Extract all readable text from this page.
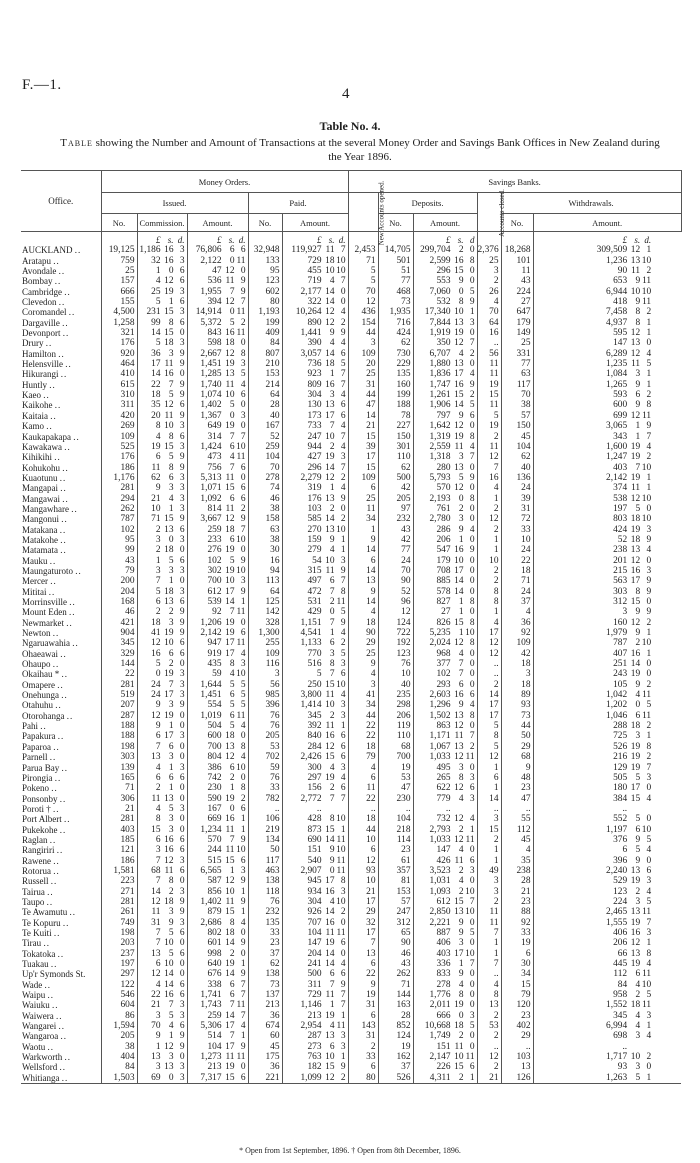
F.—1.
4
Table No. 4.
Table showing the Number and Amount of Transactions at the several Money Order and Savings Bank Offices in New Zealand during the Year 1896.
Office.	Money Orders.					Savings Banks.					
	Issued.			Paid.		New Accounts opened.	Deposits.		Accounts closed.	Withdrawals.	
	No.	Commission.	Amount.	No.	Amount.		No.	Amount.		No.	Amount.
		£ s. d.	£ s. d.		£ s. d.			£ s. d			£ s. d.
AUCKLAND ..	19,125	1,186 16 3	76,806 6 6	32,948	119,927 11 7	2,453	14,705	299,704 2 0	2,376	18,268	309,509 12 1
Aratapu ..	759	32 16 3	2,122 0 11	133	729 18 10	71	501	2,599 16 8	25	101	1,236 13 10
Avondale ..	25	1 0 6	47 12 0	95	455 10 10	5	51	296 15 0	3	11	90 11 2
Bombay ..	157	4 12 6	536 11 9	123	719 4 7	5	77	553 9 0	2	43	653 9 11
Cambridge ..	666	25 19 3	1,955 7 9	602	2,177 14 0	70	468	7,060 0 5	26	224	6,944 10 10
Clevedon ..	155	5 1 6	394 12 7	80	322 14 0	12	73	532 8 9	4	27	418 9 11
Coromandel ..	4,500	231 15 3	14,914 0 11	1,193	10,264 12 4	436	1,935	17,340 10 1	70	647	7,458 8 2
Dargaville ..	1,258	99 8 6	5,372 5 2	199	890 12 2	154	716	7,844 13 3	64	179	4,937 8 1
Devonport ..	321	14 15 0	843 16 11	409	1,441 9 9	44	424	1,919 19 0	16	149	595 12 1
Drury ..	176	5 18 3	598 18 0	84	390 4 4	3	62	350 12 7	..	25	147 13 0
Hamilton ..	920	36 3 9	2,667 12 8	807	3,057 14 6	109	730	6,707 4 2	56	331	6,289 12 4
Helensville ..	464	17 11 9	1,451 19 3	210	736 18 5	20	229	1,880 13 0	11	77	1,235 11 5
Hikurangi ..	410	14 16 0	1,285 13 5	153	923 1 7	25	135	1,836 17 4	11	63	1,084 3 1
Huntly ..	615	22 7 9	1,740 11 4	214	809 16 7	31	160	1,747 16 9	19	117	1,265 9 1
Kaeo ..	310	18 5 9	1,074 10 6	64	304 3 4	44	199	1,261 15 2	15	70	593 6 2
Kaikohe ..	311	35 12 6	1,402 5 0	28	130 13 6	47	188	1,906 14 5	11	38	600 9 8
Kaitaia ..	420	20 11 9	1,367 0 3	40	173 17 6	14	78	797 9 6	5	57	699 12 11
Kamo ..	269	8 10 3	649 19 0	167	733 7 4	21	227	1,642 12 0	19	150	3,065 1 9
Kaukapakapa ..	109	4 8 6	314 7 7	52	247 10 7	15	150	1,319 19 8	2	45	343 1 7
Kawakawa ..	525	19 15 3	1,424 6 10	259	944 2 4	39	301	2,559 11 4	11	104	1,600 19 4
Kihikihi ..	176	6 5 9	473 4 11	104	427 19 3	17	110	1,318 3 7	12	62	1,247 19 2
Kohukohu ..	186	11 8 9	756 7 6	70	296 14 7	15	62	280 13 0	7	40	403 7 10
Kuaotunu ..	1,176	62 6 3	5,313 11 0	278	2,279 12 2	109	500	5,793 5 9	16	136	2,142 19 1
Mangapai ..	281	9 3 3	1,071 15 6	74	319 1 4	6	42	570 12 0	4	24	374 11 1
Mangawai ..	294	21 4 3	1,092 6 6	46	176 13 9	25	205	2,193 0 8	1	39	538 12 10
Mangawhare ..	262	10 1 3	814 11 2	38	103 2 0	11	97	761 2 0	2	31	197 5 0
Mangonui ..	787	71 15 9	3,667 12 9	158	585 14 2	34	232	2,780 3 0	12	72	803 18 10
Matakana ..	102	2 13 6	259 18 7	63	270 13 10	1	43	286 9 4	2	33	424 19 3
Matakohe ..	95	3 0 3	233 6 10	38	159 9 1	9	42	206 1 0	1	10	52 18 9
Matamata ..	99	2 18 0	276 19 0	30	279 4 1	14	77	547 16 9	1	24	238 13 4
Mauku ..	43	1 5 6	102 5 9	16	54 10 3	6	24	179 10 0	10	22	201 12 0
Maungaturoto ..	79	3 3 3	302 19 10	94	315 11 9	14	70	708 17 0	2	18	215 16 3
Mercer ..	200	7 1 0	700 10 3	113	497 6 7	13	90	885 14 0	2	71	563 17 9
Mititai ..	204	5 18 3	612 17 9	64	472 7 8	9	52	578 14 0	8	24	303 8 9
Morrinsville ..	168	6 13 6	539 14 1	125	531 2 11	14	96	827 1 8	8	37	312 15 0
Mount Eden ..	46	2 2 9	92 7 11	142	429 0 5	4	12	27 1 0	1	4	3 9 9
Newmarket ..	421	18 3 9	1,206 19 0	328	1,151 7 9	18	124	826 15 8	4	36	160 12 2
Newton ..	904	41 19 9	2,142 19 6	1,300	4,541 1 4	90	722	5,235 1 10	17	92	1,979 9 1
Ngaruawahia ..	345	12 10 6	947 17 11	255	1,133 6 2	29	192	2,024 12 8	12	109	787 2 10
Ohaeawai ..	329	16 6 6	919 17 4	109	770 3 5	25	123	968 4 0	12	42	407 16 1
Ohaupo ..	144	5 2 0	435 8 3	116	516 8 3	9	76	377 7 0	..	18	251 14 0
Okaihau * ..	22	0 19 3	59 4 10	3	5 7 6	4	10	102 7 0	..	3	243 19 0
Omapere ..	281	24 7 3	1,644 5 5	56	250 15 10	3	40	293 6 0	2	18	105 9 2
Onehunga ..	519	24 17 3	1,451 6 5	985	3,800 11 4	41	235	2,603 16 6	14	89	1,042 4 11
Otahuhu ..	207	9 3 9	554 5 5	396	1,414 10 3	34	298	1,296 9 4	17	93	1,202 0 5
Otorohanga ..	287	12 19 0	1,019 6 11	76	345 2 3	44	206	1,502 13 8	17	73	1,046 6 11
Pahi ..	188	9 1 0	504 5 4	76	392 11 1	22	119	863 12 0	5	44	288 18 2
Papakura ..	188	6 17 3	600 18 0	205	840 16 6	22	110	1,171 11 7	8	50	725 3 1
Paparoa ..	198	7 6 0	700 13 8	53	284 12 6	18	68	1,067 13 2	5	29	526 19 8
Parnell ..	303	13 3 0	804 12 4	702	2,426 15 6	79	700	1,033 12 11	12	68	216 19 2
Parua Bay ..	139	4 1 3	386 6 10	59	300 4 3	4	19	495 3 0	1	9	129 19 7
Pirongia ..	165	6 6 6	742 2 0	76	297 19 4	6	53	265 8 3	6	48	505 5 3
Pokeno ..	71	2 1 0	230 1 8	33	156 2 6	11	47	622 12 6	1	23	180 17 0
Ponsonby ..	306	11 13 0	590 19 2	782	2,772 7 7	22	230	779 4 3	14	47	384 15 4
Poroti † ..	21	4 5 3	167 0 6	..	..	..	..	..	..	..	..
Port Albert ..	281	8 3 0	669 16 1	106	428 8 10	18	104	732 12 4	3	55	552 5 0
Pukekohe ..	403	15 3 0	1,234 11 1	219	873 15 1	44	218	2,793 2 1	15	112	1,197 6 10
Raglan ..	185	6 16 6	570 7 9	134	690 14 11	10	114	1,033 12 11	2	45	376 9 5
Rangiriri ..	121	3 16 6	244 11 10	50	151 9 10	6	23	147 4 0	1	4	6 5 4
Rawene ..	186	7 12 3	515 15 6	117	540 9 11	12	61	426 11 6	1	35	396 9 0
Rotorua ..	1,581	68 11 6	6,565 1 3	463	2,907 0 11	93	357	3,523 2 3	49	238	2,240 13 6
Russell ..	223	7 8 0	587 12 9	138	945 17 8	10	81	1,031 4 0	3	28	529 19 3
Tairua ..	271	14 2 3	856 10 1	118	934 16 3	21	153	1,093 2 10	3	21	123 2 4
Taupo ..	281	12 18 9	1,402 11 9	76	304 4 10	17	57	612 15 7	2	23	224 3 5
Te Awamutu ..	261	11 3 9	879 15 1	232	926 14 2	29	247	2,850 13 10	11	88	2,465 13 11
Te Kopuru ..	749	31 9 3	2,686 8 4	135	707 16 0	32	312	2,221 9 0	11	92	1,555 19 7
Te Kuiti ..	198	7 5 6	802 18 0	33	104 11 11	17	65	887 9 5	7	33	406 16 3
Tirau ..	203	7 10 0	601 14 9	23	147 19 6	7	90	406 3 0	1	19	206 12 1
Tokatoka ..	237	13 5 6	998 2 0	37	204 14 0	13	46	403 17 10	1	6	66 13 8
Tuakau ..	197	6 10 0	640 19 1	62	241 14 4	6	43	336 1 7	7	30	445 19 4
Up'r Symonds St.	297	12 14 0	676 14 9	138	500 6 6	22	262	833 9 0	..	34	112 6 11
Wade ..	122	4 14 6	338 6 7	73	311 7 9	9	71	278 4 0	4	15	84 4 10
Waipu ..	546	22 16 6	1,741 6 7	137	729 11 7	19	144	1,776 8 0	8	79	958 2 5
Waiuku ..	604	21 7 3	1,743 7 11	213	1,146 1 7	31	163	2,011 19 0	13	120	1,552 18 11
Waiwera ..	86	3 5 3	259 14 7	36	213 19 1	6	28	666 0 3	2	23	345 4 3
Wangarei ..	1,594	70 4 6	5,306 17 4	674	2,954 4 11	143	852	10,668 18 5	53	402	6,994 4 1
Wangaroa ..	205	9 1 9	514 7 1	60	287 13 3	31	124	1,749 2 0	2	29	698 3 4
Waotu ..	38	1 12 9	104 17 9	45	273 6 3	2	19	151 11 0	..	..	..
Warkworth ..	404	13 3 0	1,273 11 11	175	763 10 1	33	162	2,147 10 11	12	103	1,717 10 2
Wellsford ..	84	3 13 3	213 19 0	36	182 15 9	6	37	226 15 6	2	13	93 3 0
Whitianga ..	1,503	69 0 3	7,317 15 6	221	1,099 12 2	80	526	4,311 2 1	21	126	1,263 5 1
* Open from 1st September, 1896. † Open from 8th December, 1896.
